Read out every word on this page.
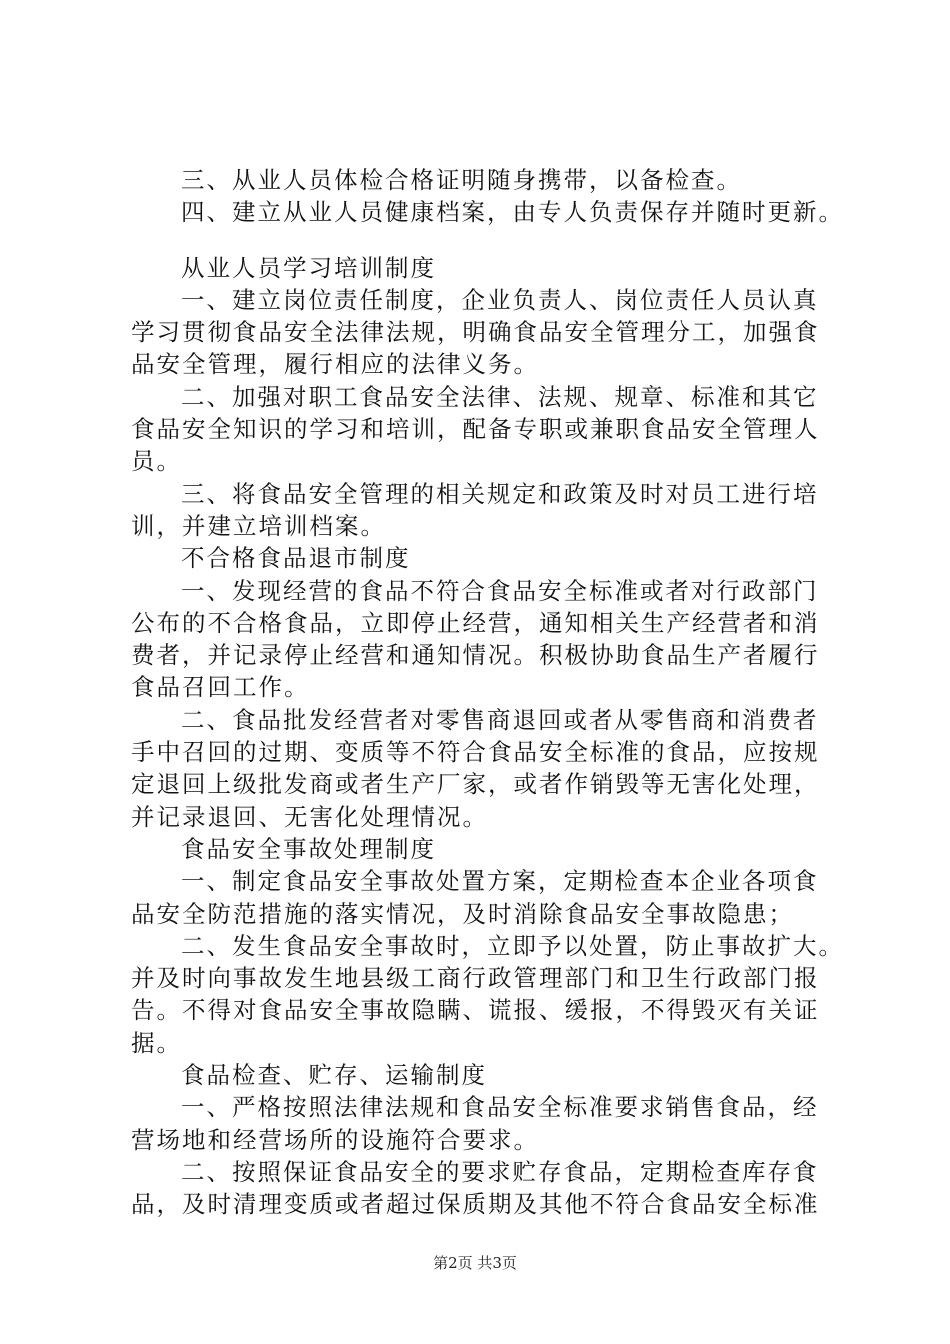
三、从业人员体检合格证明随身携带，以备检查。
四、建立从业人员健康档案，由专人负责保存并随时更新。
从业人员学习培训制度
一、建立岗位责任制度，企业负责人、岗位责任人员认真
学习贯彻食品安全法律法规，明确食品安全管理分工，加强食
品安全管理，履行相应的法律义务。
二、加强对职工食品安全法律、法规、规章、标准和其它
食品安全知识的学习和培训，配备专职或兼职食品安全管理人
员。
三、将食品安全管理的相关规定和政策及时对员工进行培
训，并建立培训档案。
不合格食品退市制度
一、发现经营的食品不符合食品安全标准或者对行政部门
公布的不合格食品，立即停止经营，通知相关生产经营者和消
费者，并记录停止经营和通知情况。积极协助食品生产者履行
食品召回工作。
二、食品批发经营者对零售商退回或者从零售商和消费者
手中召回的过期、变质等不符合食品安全标准的食品，应按规
定退回上级批发商或者生产厂家，或者作销毁等无害化处理，
并记录退回、无害化处理情况。
食品安全事故处理制度
一、制定食品安全事故处置方案，定期检查本企业各项食
品安全防范措施的落实情况，及时消除食品安全事故隐患；
二、发生食品安全事故时，立即予以处置，防止事故扩大。
并及时向事故发生地县级工商行政管理部门和卫生行政部门报
告。不得对食品安全事故隐瞒、谎报、缓报，不得毁灭有关证
据。
食品检查、贮存、运输制度
一、严格按照法律法规和食品安全标准要求销售食品，经
营场地和经营场所的设施符合要求。
二、按照保证食品安全的要求贮存食品，定期检查库存食
品，及时清理变质或者超过保质期及其他不符合食品安全标准
第2页 共3页
